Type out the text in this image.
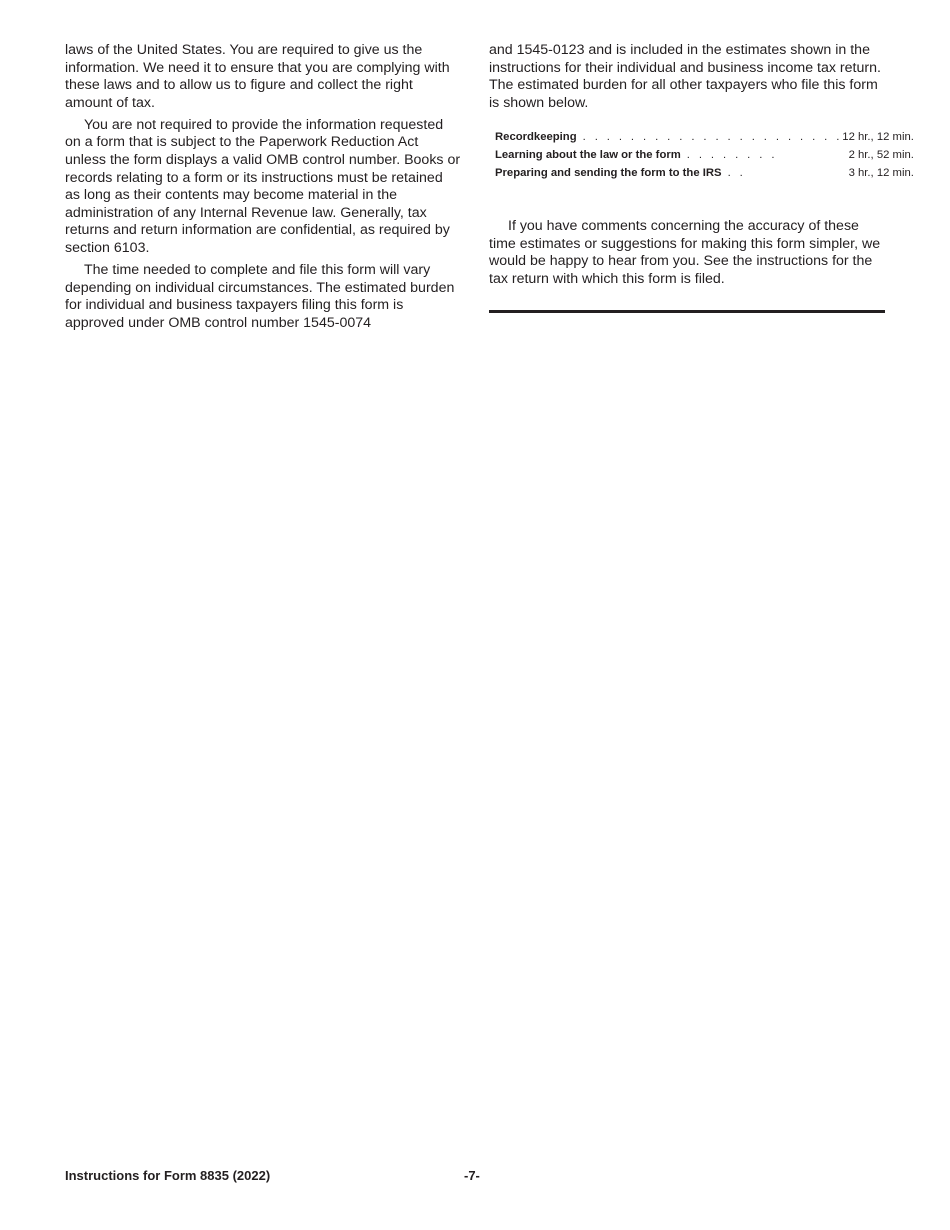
laws of the United States. You are required to give us the information. We need it to ensure that you are complying with these laws and to allow us to figure and collect the right amount of tax.

You are not required to provide the information requested on a form that is subject to the Paperwork Reduction Act unless the form displays a valid OMB control number. Books or records relating to a form or its instructions must be retained as long as their contents may become material in the administration of any Internal Revenue law. Generally, tax returns and return information are confidential, as required by section 6103.

The time needed to complete and file this form will vary depending on individual circumstances. The estimated burden for individual and business taxpayers filing this form is approved under OMB control number 1545-0074

and 1545-0123 and is included in the estimates shown in the instructions for their individual and business income tax return. The estimated burden for all other taxpayers who file this form is shown below.

Recordkeeping . . . . . . . . . . . . . . . . . . . . . .	12 hr., 12 min.
Learning about the law or the form . . . . . . . .	2 hr., 52 min.
Preparing and sending the form to the IRS . .	3 hr., 12 min.

If you have comments concerning the accuracy of these time estimates or suggestions for making this form simpler, we would be happy to hear from you. See the instructions for the tax return with which this form is filed.

Instructions for Form 8835 (2022)	-7-
